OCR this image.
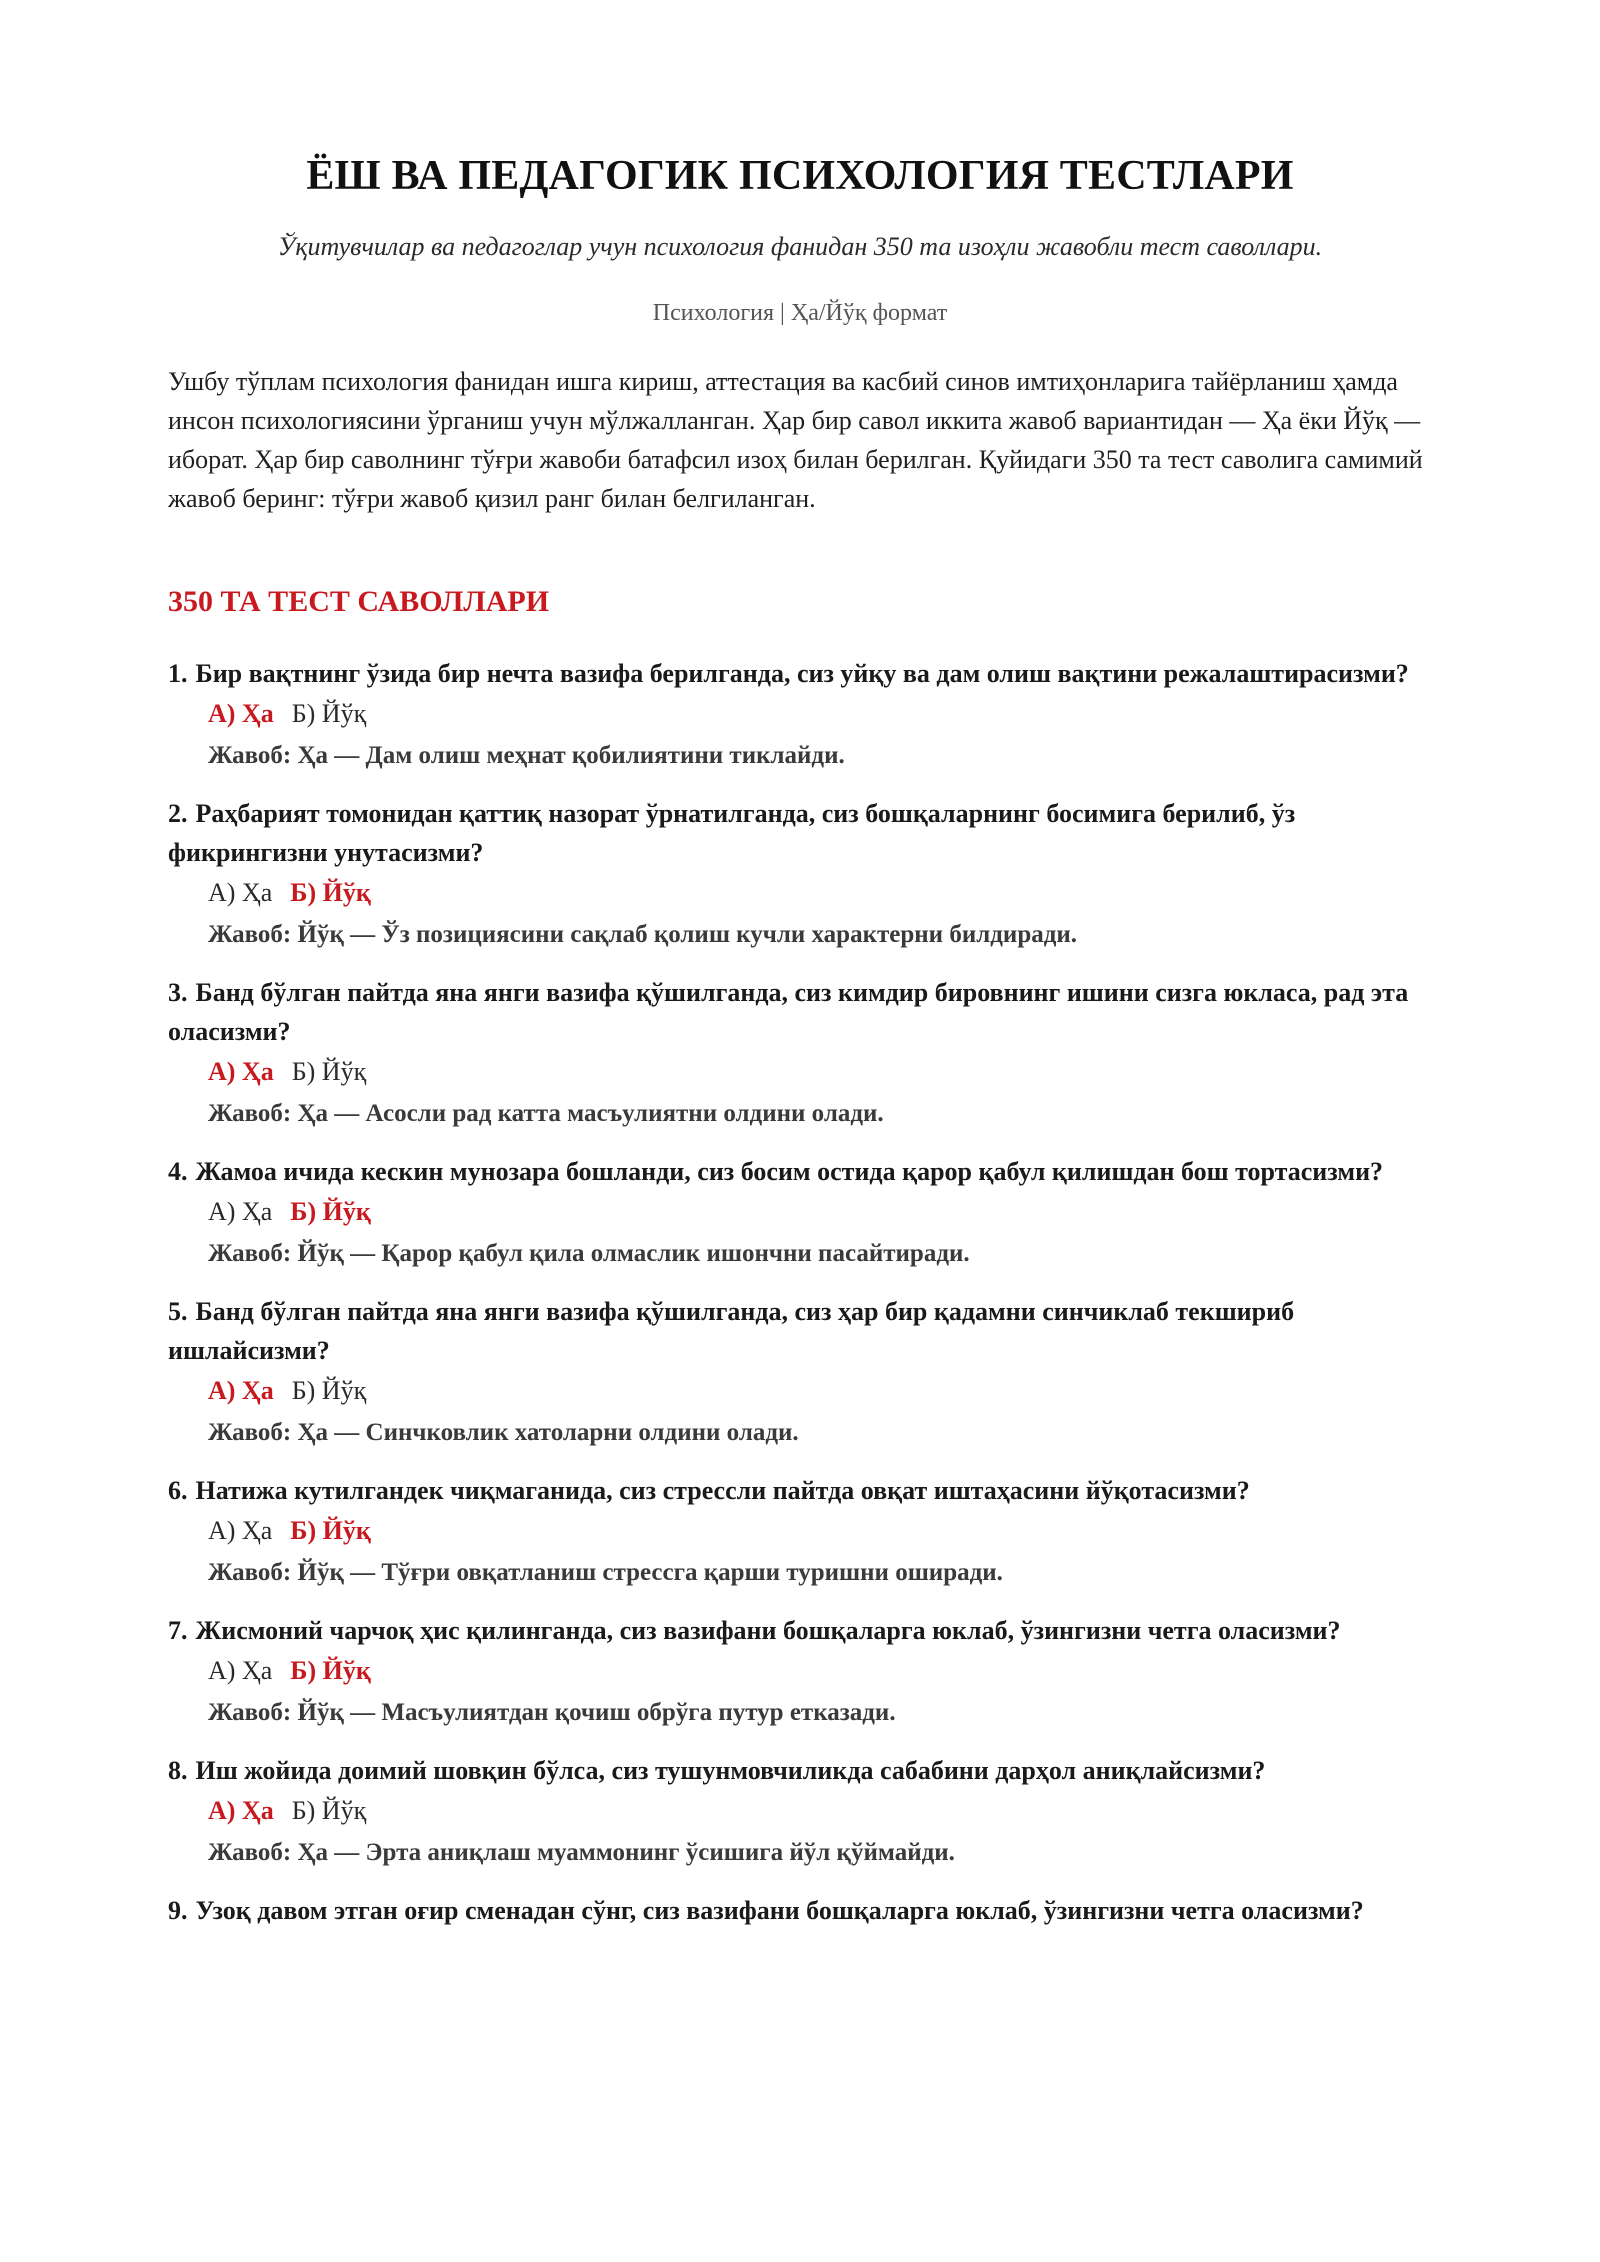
ЁШ ВА ПЕДАГОГИК ПСИХОЛОГИЯ ТЕСТЛАРИ

Ўқитувчилар ва педагоглар учун психология фанидан 350 та изоҳли жавобли тест саволлари.

Психология | Ҳа/Йўқ формат

Ушбу тўплам психология фанидан ишга кириш, аттестация ва касбий синов имтиҳонларига тайёрланиш ҳамда инсон психологиясини ўрганиш учун мўлжалланган. Ҳар бир савол иккита жавоб вариантидан — Ҳа ёки Йўқ — иборат. Ҳар бир саволнинг тўғри жавоби батафсил изоҳ билан берилган. Қуйидаги 350 та тест саволига самимий жавоб беринг: тўғри жавоб қизил ранг билан белгиланган.

350 ТА ТЕСТ САВОЛЛАРИ

1. Бир вақтнинг ўзида бир нечта вазифа берилганда, сиз уйқу ва дам олиш вақтини режалаштирасизми?

А) Ҳа Б) Йўқ

Жавоб: Ҳа — Дам олиш меҳнат қобилиятини тиклайди.

2. Раҳбарият томонидан қаттиқ назорат ўрнатилганда, сиз бошқаларнинг босимига берилиб, ўз фикрингизни унутасизми?

А) Ҳа Б) Йўқ

Жавоб: Йўқ — Ўз позициясини сақлаб қолиш кучли характерни билдиради.

3. Банд бўлган пайтда яна янги вазифа қўшилганда, сиз кимдир бировнинг ишини сизга юкласа, рад эта оласизми?

А) Ҳа Б) Йўқ

Жавоб: Ҳа — Асосли рад катта масъулиятни олдини олади.

4. Жамоа ичида кескин мунозара бошланди, сиз босим остида қарор қабул қилишдан бош тортасизми?

А) Ҳа Б) Йўқ

Жавоб: Йўқ — Қарор қабул қила олмаслик ишончни пасайтиради.

5. Банд бўлган пайтда яна янги вазифа қўшилганда, сиз ҳар бир қадамни синчиклаб текшириб ишлайсизми?

А) Ҳа Б) Йўқ

Жавоб: Ҳа — Синчковлик хатоларни олдини олади.

6. Натижа кутилгандек чиқмаганида, сиз стрессли пайтда овқат иштаҳасини йўқотасизми?

А) Ҳа Б) Йўқ

Жавоб: Йўқ — Тўғри овқатланиш стрессга қарши туришни оширади.

7. Жисмоний чарчоқ ҳис қилинганда, сиз вазифани бошқаларга юклаб, ўзингизни четга оласизми?

А) Ҳа Б) Йўқ

Жавоб: Йўқ — Масъулиятдан қочиш обрўга путур етказади.

8. Иш жойида доимий шовқин бўлса, сиз тушунмовчиликда сабабини дарҳол аниқлайсизми?

А) Ҳа Б) Йўқ

Жавоб: Ҳа — Эрта аниқлаш муаммонинг ўсишига йўл қўймайди.

9. Узоқ давом этган оғир сменадан сўнг, сиз вазифани бошқаларга юклаб, ўзингизни четга оласизми?
